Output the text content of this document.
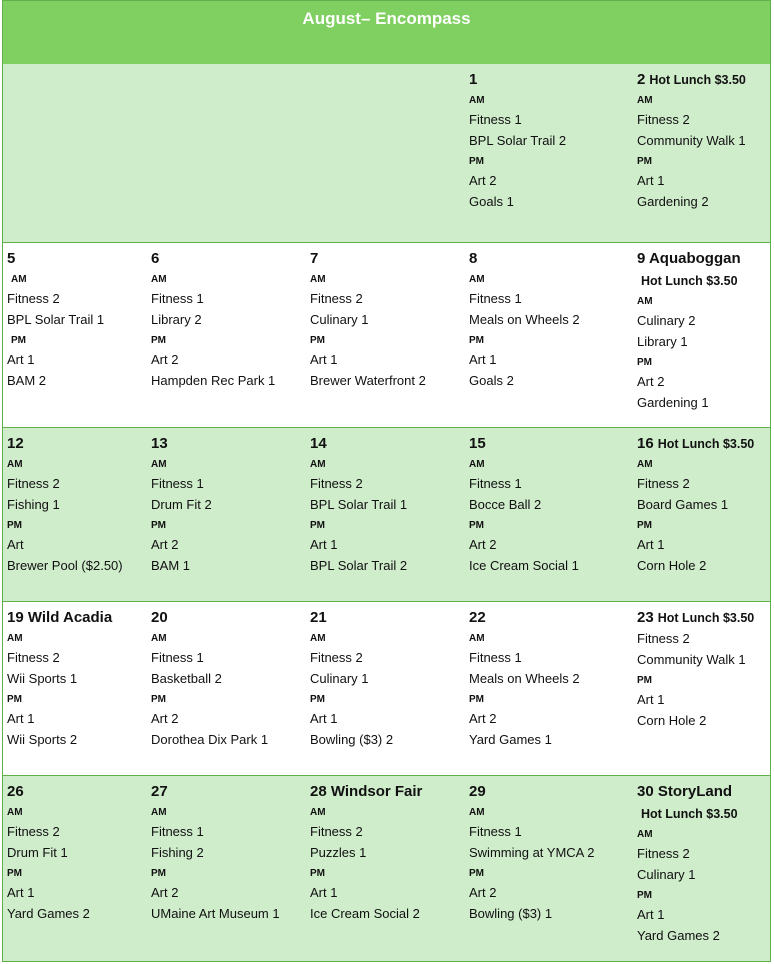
August– Encompass
1
AM
Fitness 1
BPL Solar Trail 2
PM
Art 2
Goals 1
2 Hot Lunch $3.50
AM
Fitness 2
Community Walk 1
PM
Art 1
Gardening 2
5
AM
Fitness 2
BPL Solar Trail 1
PM
Art 1
BAM 2
6
AM
Fitness 1
Library 2
PM
Art 2
Hampden Rec Park 1
7
AM
Fitness 2
Culinary 1
PM
Art 1
Brewer Waterfront 2
8
AM
Fitness 1
Meals on Wheels 2
PM
Art 1
Goals 2
9 Aquaboggan
Hot Lunch $3.50
AM
Culinary 2
Library 1
PM
Art 2
Gardening 1
12
AM
Fitness 2
Fishing 1
PM
Art
Brewer Pool ($2.50)
13
AM
Fitness 1
Drum Fit 2
PM
Art 2
BAM 1
14
AM
Fitness 2
BPL Solar Trail 1
PM
Art 1
BPL Solar Trail 2
15
AM
Fitness 1
Bocce Ball 2
PM
Art 2
Ice Cream Social 1
16 Hot Lunch $3.50
AM
Fitness 2
Board Games 1
PM
Art 1
Corn Hole 2
19 Wild Acadia
AM
Fitness 2
Wii Sports 1
PM
Art 1
Wii Sports 2
20
AM
Fitness 1
Basketball 2
PM
Art 2
Dorothea Dix Park 1
21
AM
Fitness 2
Culinary 1
PM
Art 1
Bowling ($3) 2
22
AM
Fitness 1
Meals on Wheels 2
PM
Art 2
Yard Games 1
23 Hot Lunch $3.50
Fitness 2
Community Walk 1
PM
Art 1
Corn Hole 2
26
AM
Fitness 2
Drum Fit 1
PM
Art 1
Yard Games 2
27
AM
Fitness 1
Fishing 2
PM
Art 2
UMaine Art Museum 1
28 Windsor Fair
AM
Fitness 2
Puzzles 1
PM
Art 1
Ice Cream Social 2
29
AM
Fitness 1
Swimming at YMCA 2
PM
Art 2
Bowling ($3) 1
30 StoryLand
Hot Lunch $3.50
AM
Fitness 2
Culinary 1
PM
Art 1
Yard Games 2
